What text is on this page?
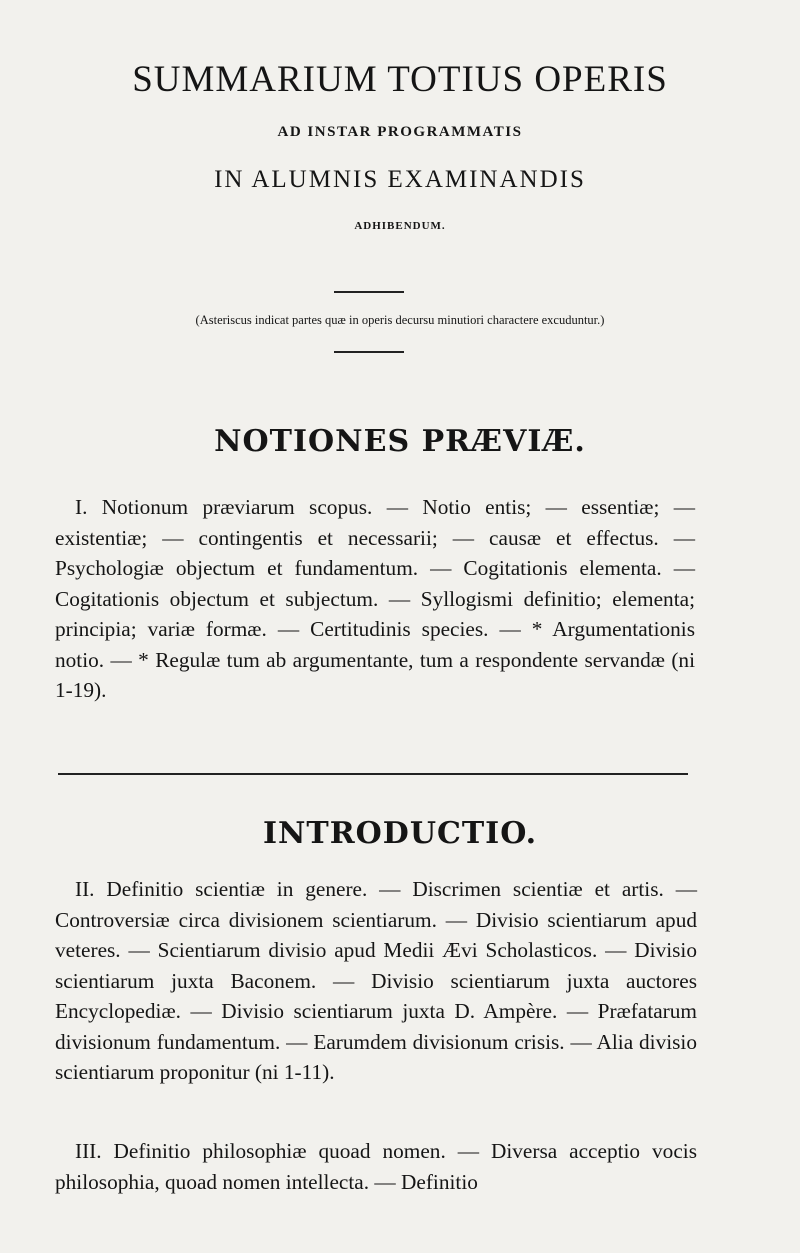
SUMMARIUM TOTIUS OPERIS
AD INSTAR PROGRAMMATIS
IN ALUMNIS EXAMINANDIS
ADHIBENDUM.
(Asteriscus indicat partes quæ in operis decursu minutiori charactere excuduntur.)
NOTIONES PRÆVIÆ.
I. Notionum præviarum scopus. — Notio entis; — essentiæ; — existentiæ; — contingentis et necessarii; — causæ et effectus. — Psychologiæ objectum et fundamentum. — Cogitationis elementa. — Cogitationis objectum et subjectum. — Syllogismi definitio; elementa; principia; variæ formæ. — Certitudinis species. — * Argumentationis notio. — * Regulæ tum ab argumentante, tum a respondente servandæ (ni 1-19).
INTRODUCTIO.
II. Definitio scientiæ in genere. — Discrimen scientiæ et artis. — Controversiæ circa divisionem scientiarum. — Divisio scientiarum apud veteres. — Scientiarum divisio apud Medii Ævi Scholasticos. — Divisio scientiarum juxta Baconem. — Divisio scientiarum juxta auctores Encyclopediæ. — Divisio scientiarum juxta D. Ampère. — Præfatarum divisionum fundamentum. — Earumdem divisionum crisis. — Alia divisio scientiarum proponitur (ni 1-11).
III. Definitio philosophiæ quoad nomen. — Diversa acceptio vocis philosophia, quoad nomen intellecta. — Definitio
